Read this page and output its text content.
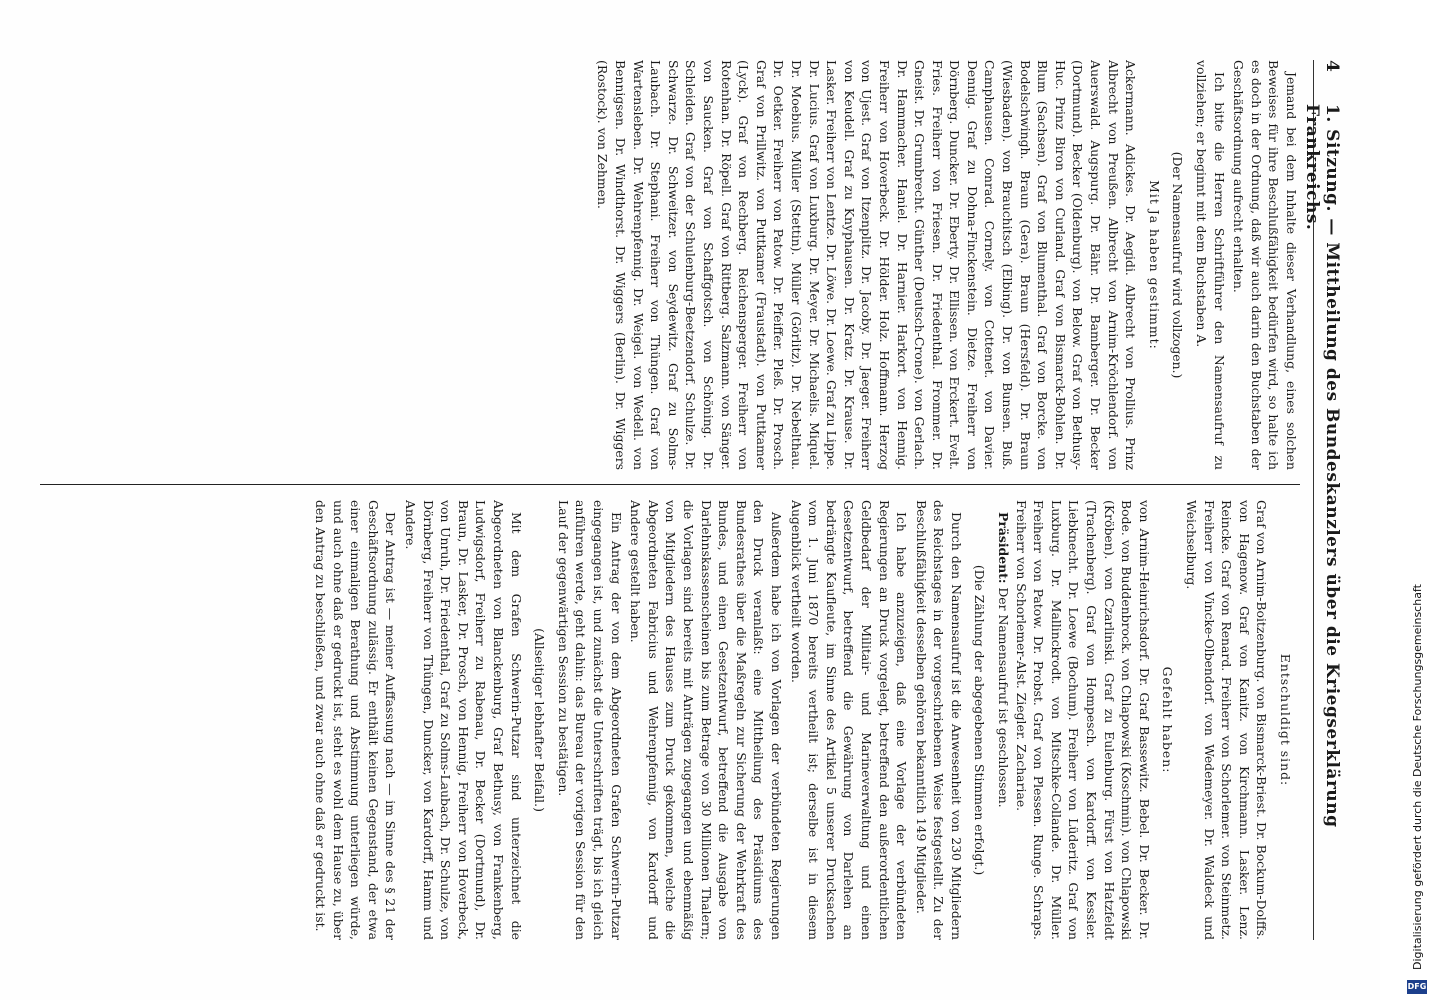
4
1. Sitzung. — Mittheilung des Bundeskanzlers über die Kriegserklärung Frankreichs.

Jemand bei dem Inhalte dieser Verhandlung, eines solchen Beweises für ihre Beschlußfähigkeit bedürfen wird, so halte ich es doch in der Ordnung, daß wir auch darin den Buchstaben der Geschäftsordnung aufrecht erhalten.

Ich bitte die Herren Schriftführer den Namensaufruf zu vollziehen; er beginnt mit dem Buchstaben A.

(Der Namensaufruf wird vollzogen.)

Mit Ja haben gestimmt:

Ackermann. Adickes. Dr. Aegidi. Albrecht von Prollius. Prinz Albrecht von Preußen. Albrecht von Arnim-Kröchlendorf. von Auerswald. Augspurg. Dr. Bähr. Dr. Bamberger. Dr. Becker (Dortmund). Becker (Oldenburg). von Below. Graf von Bethusy-Huc. Prinz Biron von Curland. Graf von Bismarck-Bohlen. Dr. Blum (Sachsen). Graf von Blumenthal. Graf von Borcke. von Bodelschwingh. Braun (Gera). Braun (Hersfeld). Dr. Braun (Wiesbaden). von Brauchitsch (Elbing). Dr. von Bunsen. Buß. Camphausen. Conrad. Cornely. von Cottenet. von Davier. Dennig. Graf zu Dohna-Finckenstein. Dietze. Freiherr von Dörnberg. Duncker. Dr. Eberty. Dr. Ellissen. von Erckert. Evelt. Fries. Freiherr von Friesen. Dr. Friedenthal. Frommer. Dr. Gneist. Dr. Grumbrecht. Günther (Deutsch-Crone). von Gerlach. Dr. Hammacher. Haniel. Dr. Harnier. Harkort. von Hennig. Freiherr von Hoverbeck. Dr. Hölder. Holz. Hoffmann. Herzog von Ujest. Graf von Itzenplitz. Dr. Jacoby. Dr. Jaeger. Freiherr von Keudell. Graf zu Knyphausen. Dr. Kratz. Dr. Krause. Dr. Lasker. Freiherr von Lentze. Dr. Löwe. Dr. Loewe. Graf zu Lippe. Dr. Lucius. Graf von Luxburg. Dr. Meyer. Dr. Michaelis. Miquel. Dr. Moebius. Müller (Stettin). Müller (Görlitz). Dr. Nebelthau. Dr. Oetker. Freiherr von Patow. Dr. Pfeiffer. Pleß. Dr. Prosch. Graf von Prillwitz. von Puttkamer (Fraustadt). von Puttkamer (Lyck). Graf von Rechberg. Reichensperger. Freiherr von Rotenhan. Dr. Röpell. Graf von Rittberg. Salzmann. von Sänger. von Saucken. Graf von Schaffgotsch. von Schöning. Dr. Schleiden. Graf von der Schulenburg-Beetzendorf. Schulze. Dr. Schwarze. Dr. Schweitzer. von Seydewitz. Graf zu Solms-Laubach. Dr. Stephani. Freiherr von Thüngen. Graf von Wartensleben. Dr. Wehrenpfennig. Dr. Weigel. von Wedell. von Bennigsen. Dr. Windthorst. Dr. Wiggers (Berlin). Dr. Wiggers (Rostock). von Zehmen.

Entschuldigt sind:

Graf von Arnim-Boitzenburg. von Bismarck-Briest. Dr. Bockum-Dolffs. von Hagenow. Graf von Kanitz. von Kirchmann. Lasker. Lenz. Reincke. Graf von Renard. Freiherr von Schorlemer. von Steinmetz. Freiherr von Vincke-Olbendorf. von Wedemeyer. Dr. Waldeck und Weichselburg.

Gefehlt haben:

von Arnim-Heinrichsdorf. Dr. Graf Bassewitz. Bebel. Dr. Becker. Dr. Bode. von Buddenbrock. von Chlapowski (Koschmin). von Chlapowski (Kröben). von Czarlinski. Graf zu Eulenburg. Fürst von Hatzfeldt (Trachenberg). Graf von Hompesch. von Kardorff. von Kessler. Liebknecht. Dr. Loewe (Bochum). Freiherr von Lüderitz. Graf von Luxburg. Dr. Mallinckrodt. von Mitschke-Collande. Dr. Müller. Freiherr von Patow. Dr. Probst. Graf von Plessen. Runge. Schraps. Freiherr von Schorlemer-Alst. Ziegler. Zachariae.

Präsident: Der Namensaufruf ist geschlossen.

(Die Zählung der abgegebenen Stimmen erfolgt.)

Durch den Namensaufruf ist die Anwesenheit von 230 Mitgliedern des Reichstages in der vorgeschriebenen Weise festgestellt. Zu der Beschlußfähigkeit desselben gehören bekanntlich 149 Mitglieder.

Ich habe anzuzeigen, daß eine Vorlage der verbündeten Regierungen an Druck vorgelegt, betreffend den außerordentlichen Geldbedarf der Militair- und Marineverwaltung und einen Gesetzentwurf, betreffend die Gewährung von Darlehen an bedrängte Kaufleute, im Sinne des Artikel 5 unserer Drucksachen vom 1. Juni 1870 bereits vertheilt ist; derselbe ist in diesem Augenblick vertheilt worden.

Außerdem habe ich von Vorlagen der verbündeten Regierungen den Druck veranlaßt: eine Mittheilung des Präsidiums des Bundesrathes über die Maßregeln zur Sicherung der Wehrkraft des Bundes, und einen Gesetzentwurf, betreffend die Ausgabe von Darlehnskassenscheinen bis zum Betrage von 30 Millionen Thalern; die Vorlagen sind bereits mit Anträgen zugegangen und ebenmäßig von Mitgliedern des Hauses zum Druck gekommen, welche die Abgeordneten Fabricius und Wehrenpfennig, von Kardorff und Andere gestellt haben.

Ein Antrag der von dem Abgeordneten Grafen Schwerin-Putzar eingegangen ist, und zunächst die Unterschriften trägt, bis ich gleich anführen werde, geht dahin: das Bureau der vorigen Session für den Lauf der gegenwärtigen Session zu bestätigen.

(Allseitiger lebhafter Beifall.)

Mit dem Grafen Schwerin-Putzar sind unterzeichnet die Abgeordneten von Blanckenburg, Graf Bethusy, von Frankenberg, Ludwigsdorf, Freiherr zu Rabenau, Dr. Becker (Dortmund), Dr. Braun, Dr. Lasker, Dr. Prosch, von Hennig, Freiherr von Hoverbeck, von Unruh, Dr. Friedenthal, Graf zu Solms-Laubach, Dr. Schulze, von Dörnberg, Freiherr von Thüngen, Duncker, von Kardorff, Hamm und Andere.

Der Antrag ist — meiner Auffassung nach — im Sinne des § 21 der Geschäftsordnung zulässig. Er enthält keinen Gegenstand, der etwa einer einmaligen Berathung und Abstimmung unterliegen würde, und auch ohne daß er gedruckt ist, steht es wohl dem Hause zu, über den Antrag zu beschließen, und zwar auch ohne daß er gedruckt ist.	Digitalisierung gefördert durch die Deutsche Forschungsgemeinschaft
DFG
